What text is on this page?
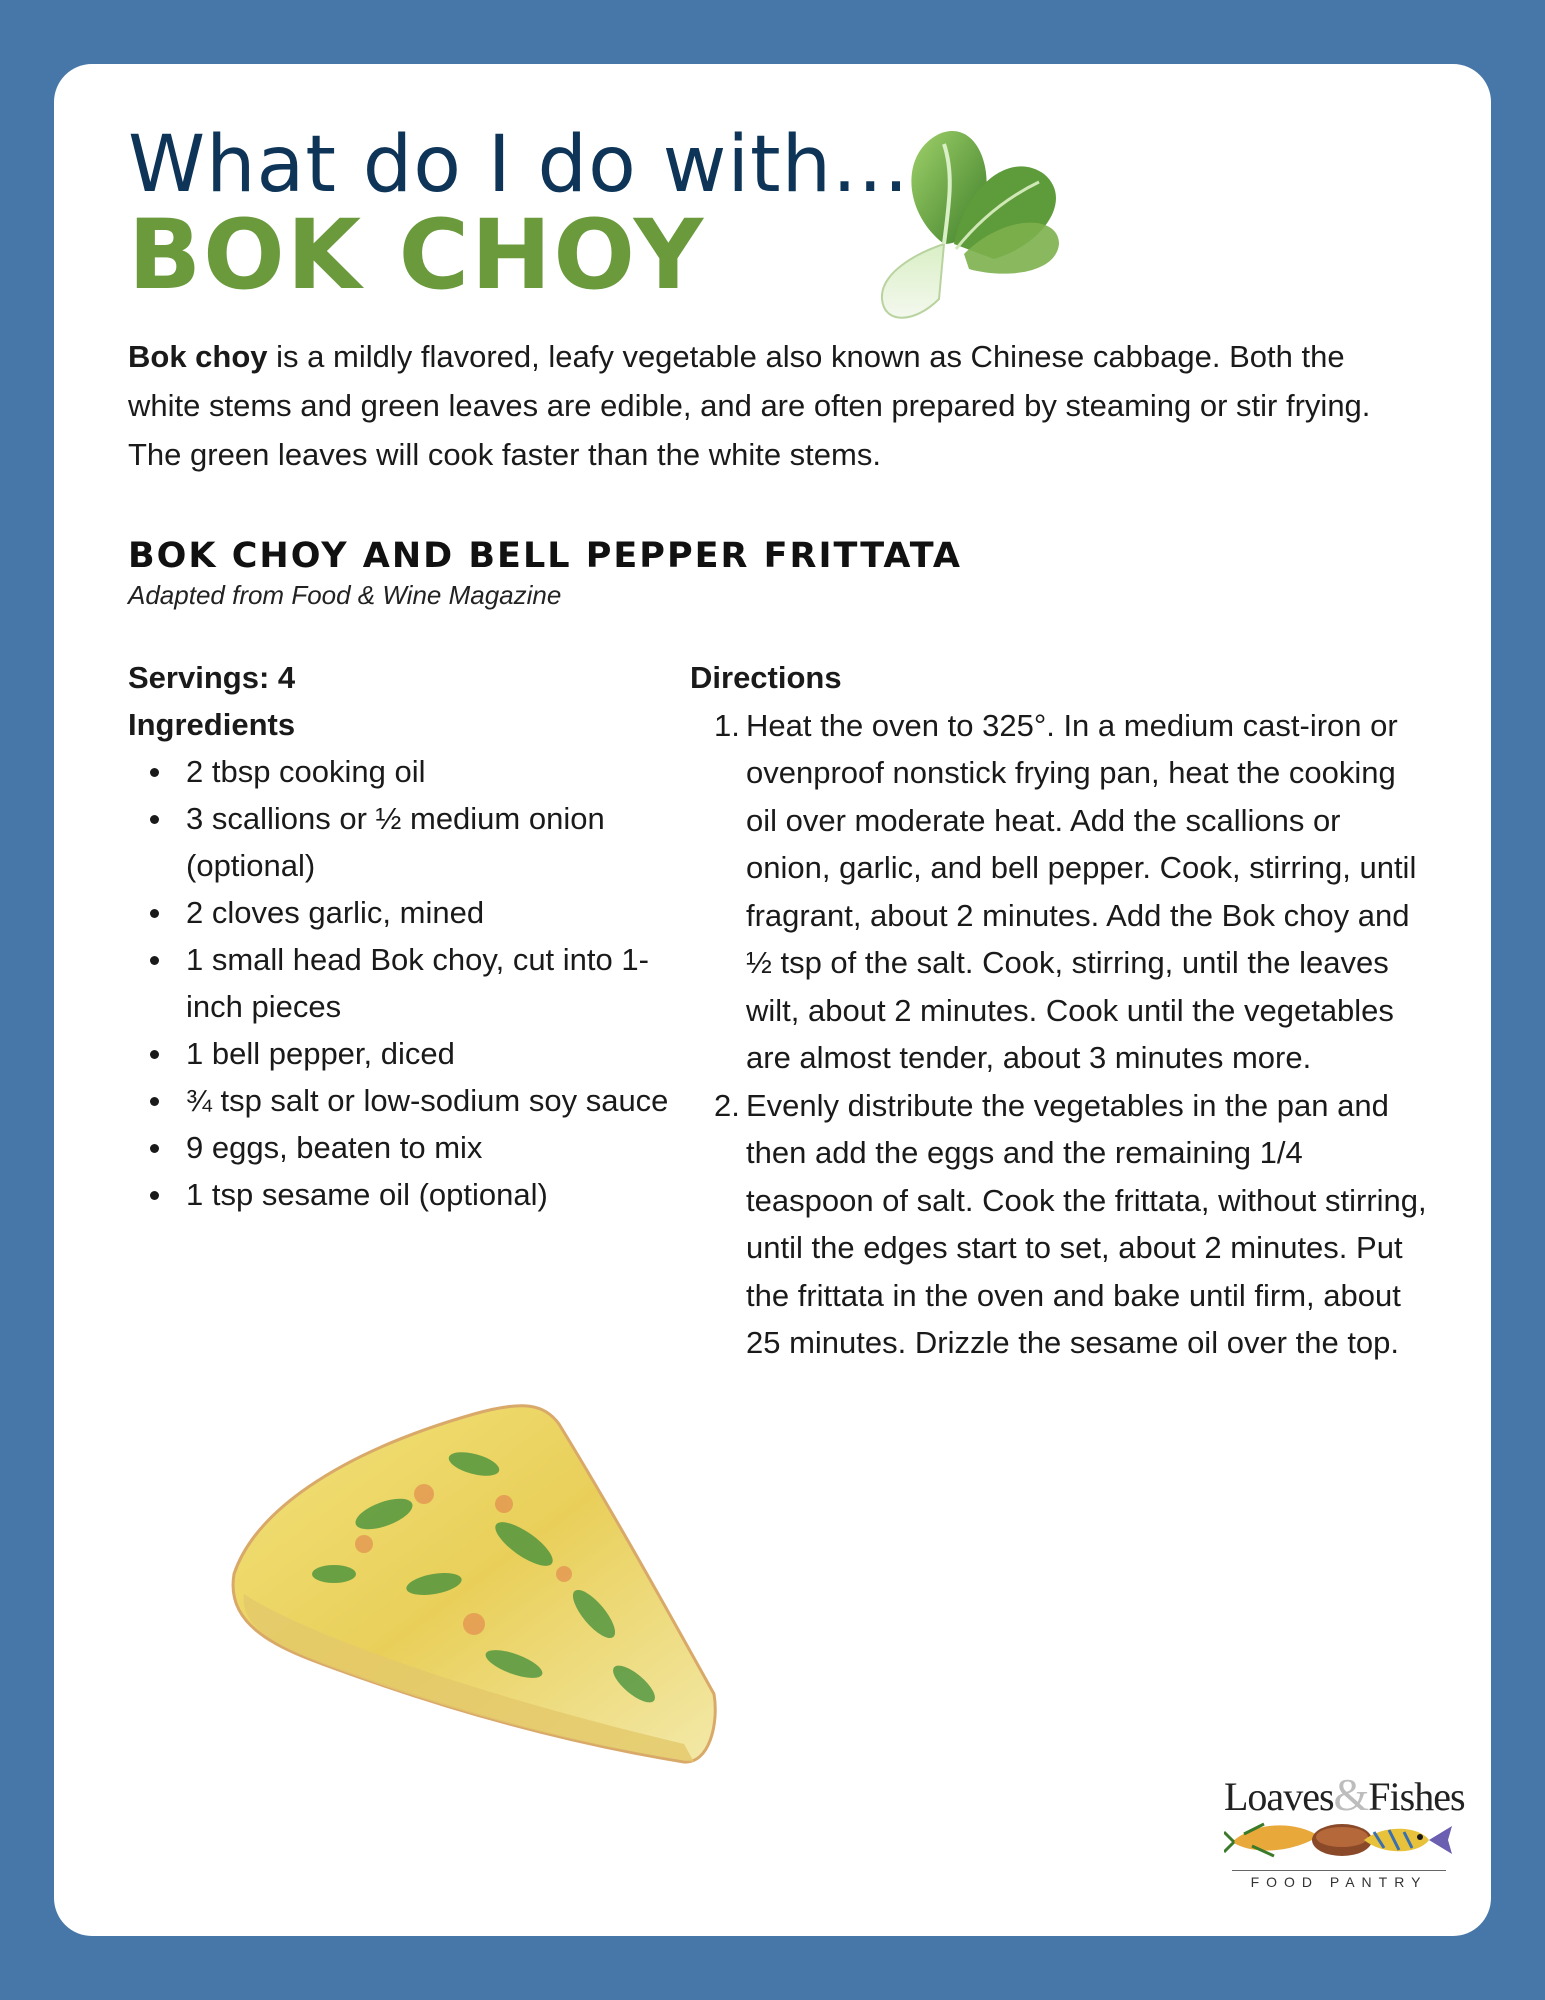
What do I do with...
BOK CHOY
Bok choy is a mildly flavored, leafy vegetable also known as Chinese cabbage. Both the white stems and green leaves are edible, and are often prepared by steaming or stir frying. The green leaves will cook faster than the white stems.
BOK CHOY AND BELL PEPPER FRITTATA
Adapted from Food & Wine Magazine
Servings: 4
Ingredients
2 tbsp cooking oil
3 scallions or ½ medium onion (optional)
2 cloves garlic, mined
1 small head Bok choy, cut into 1-inch pieces
1 bell pepper, diced
¾ tsp salt or low-sodium soy sauce
9 eggs, beaten to mix
1 tsp sesame oil (optional)
Directions
1. Heat the oven to 325°. In a medium cast-iron or ovenproof nonstick frying pan, heat the cooking oil over moderate heat. Add the scallions or onion, garlic, and bell pepper. Cook, stirring, until fragrant, about 2 minutes. Add the Bok choy and ½ tsp of the salt. Cook, stirring, until the leaves wilt, about 2 minutes. Cook until the vegetables are almost tender, about 3 minutes more.
2. Evenly distribute the vegetables in the pan and then add the eggs and the remaining 1/4 teaspoon of salt. Cook the frittata, without stirring, until the edges start to set, about 2 minutes. Put the frittata in the oven and bake until firm, about 25 minutes. Drizzle the sesame oil over the top.
Loaves&Fishes
FOOD PANTRY
